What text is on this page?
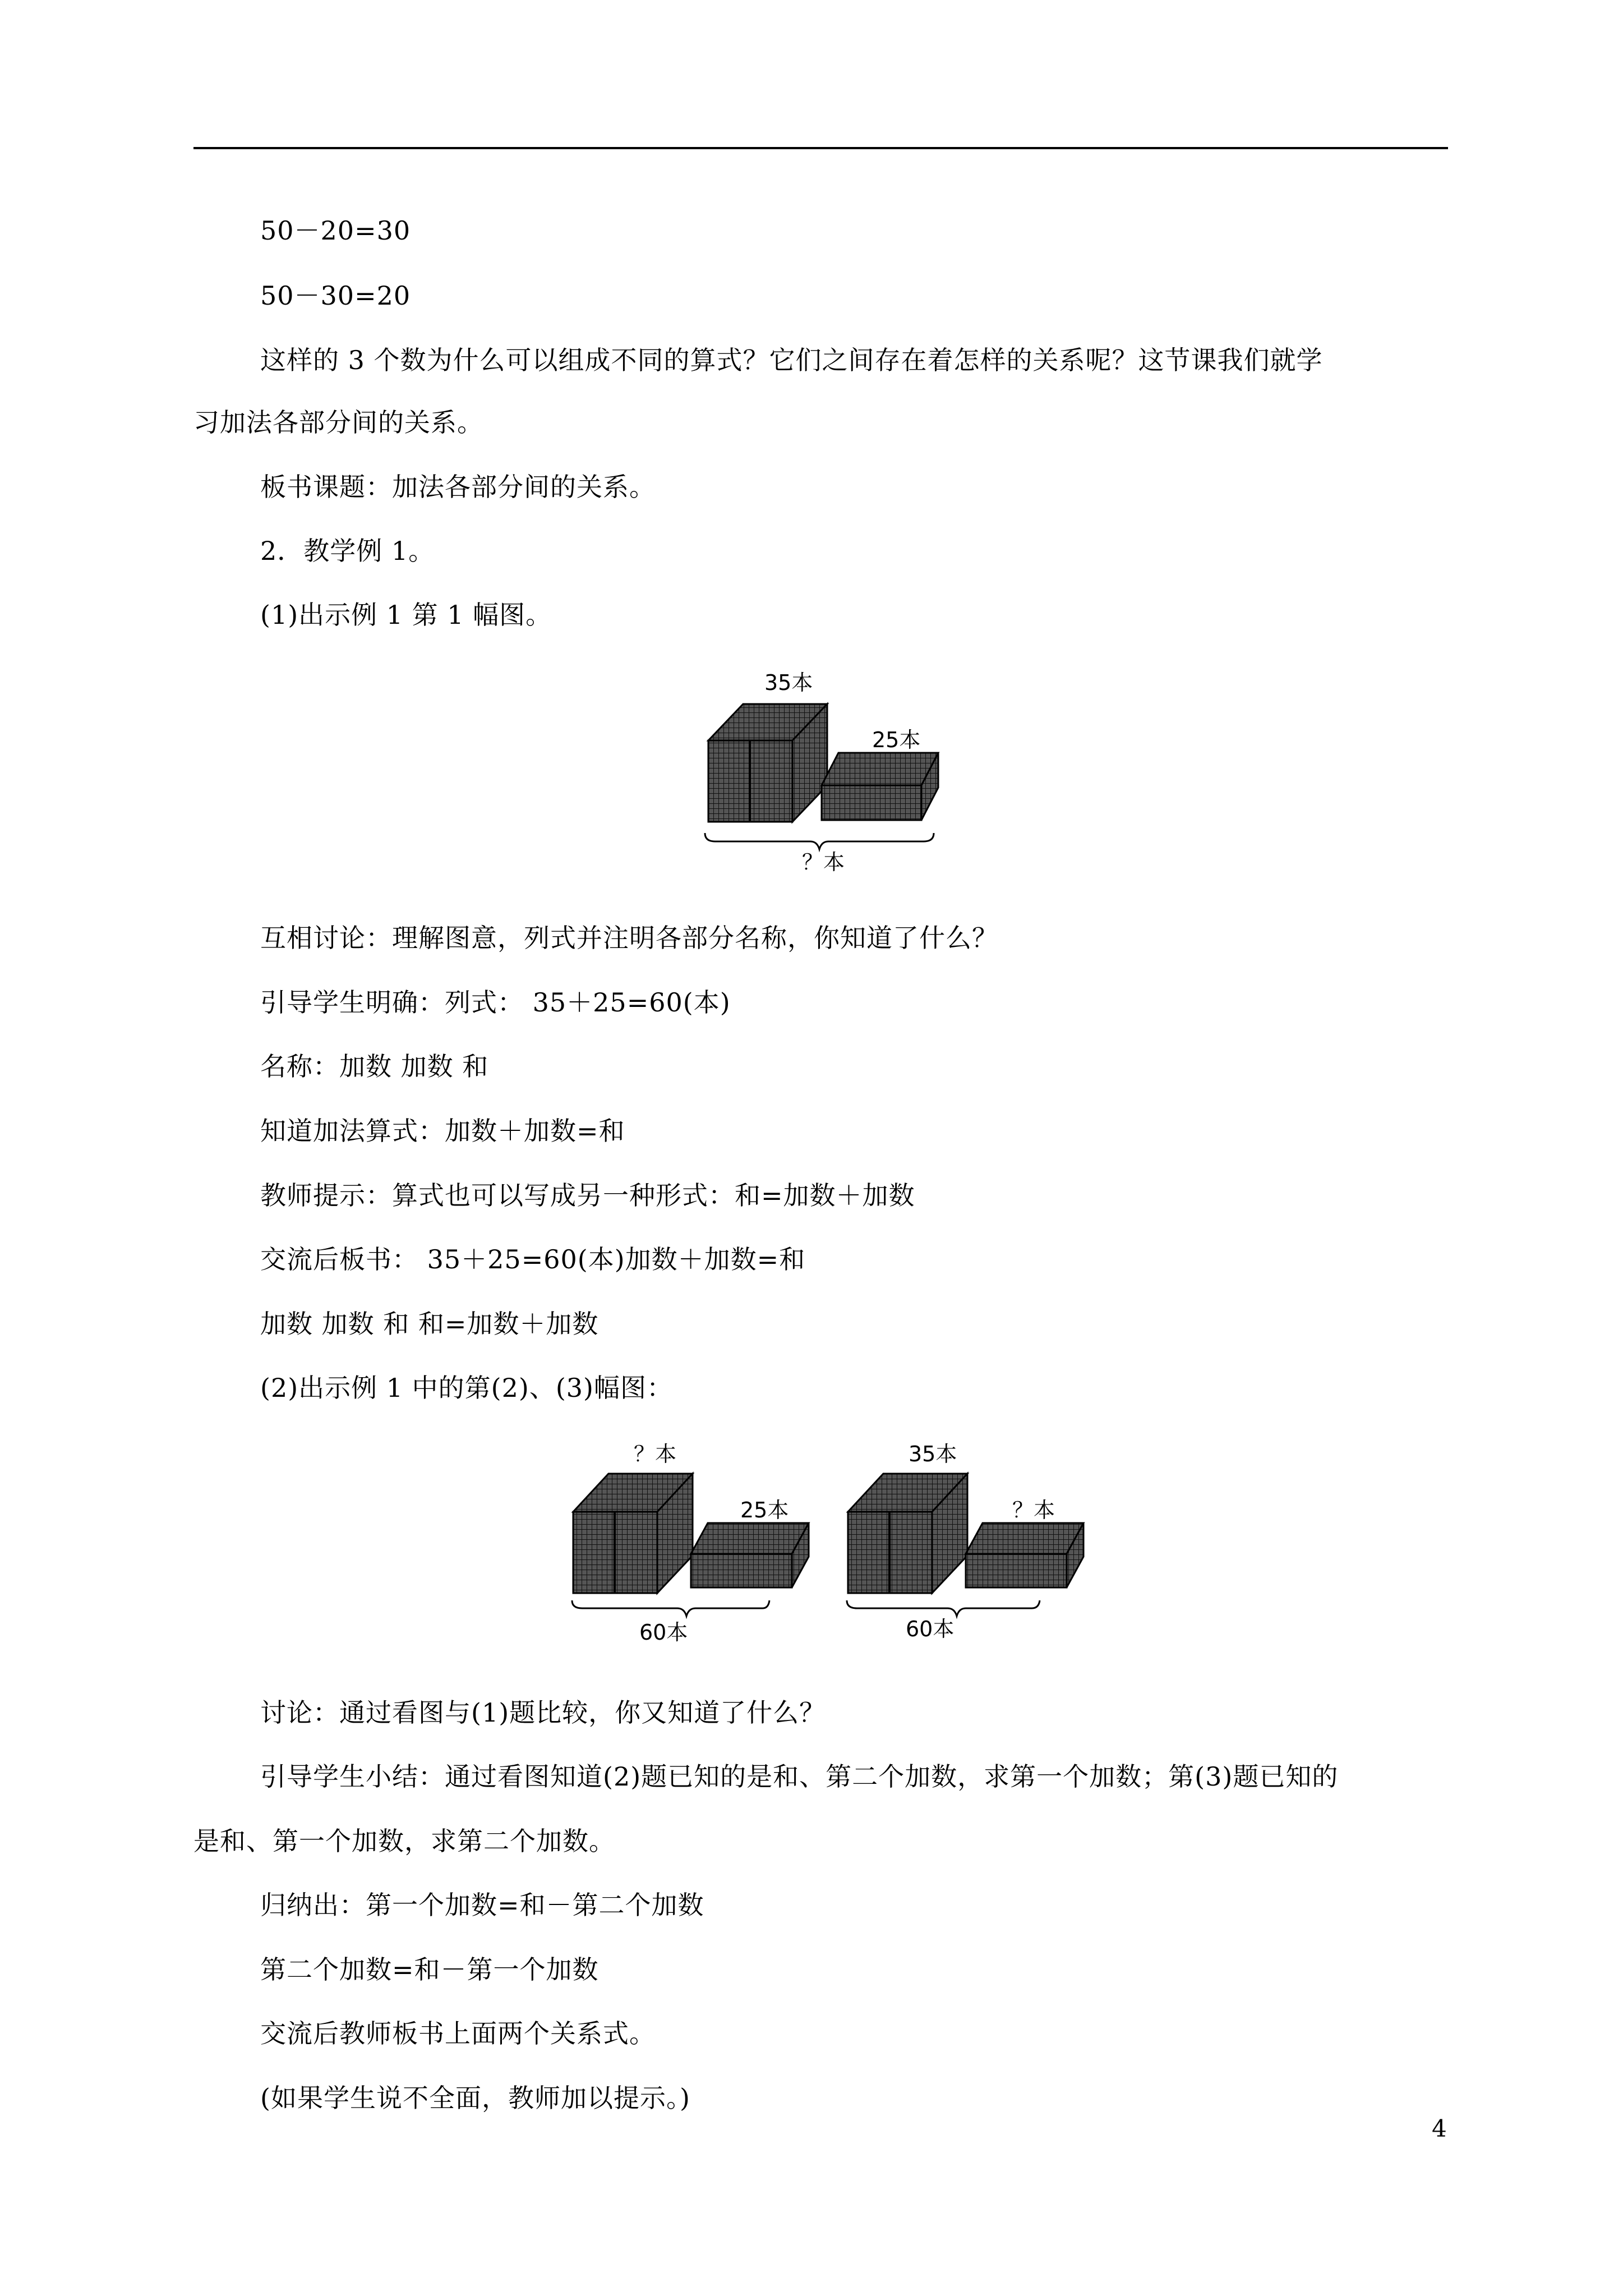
50－20=30
50－30=20
这样的 3 个数为什么可以组成不同的算式？它们之间存在着怎样的关系呢？这节课我们就学
习加法各部分间的关系。
板书课题：加法各部分间的关系。
2．教学例 1。
(1)出示例 1 第 1 幅图。
35本
25本
？本
互相讨论：理解图意，列式并注明各部分名称，你知道了什么？
引导学生明确：列式： 35＋25=60(本)
名称：加数 加数 和
知道加法算式：加数＋加数=和
教师提示：算式也可以写成另一种形式：和=加数＋加数
交流后板书： 35＋25=60(本)加数＋加数=和
加数 加数 和 和=加数＋加数
(2)出示例 1 中的第(2)、(3)幅图：
？本
25本
60本
35本
？本
60本
讨论：通过看图与(1)题比较，你又知道了什么？
引导学生小结：通过看图知道(2)题已知的是和、第二个加数，求第一个加数；第(3)题已知的
是和、第一个加数，求第二个加数。
归纳出：第一个加数=和－第二个加数
第二个加数=和－第一个加数
交流后教师板书上面两个关系式。
(如果学生说不全面，教师加以提示。)
4
